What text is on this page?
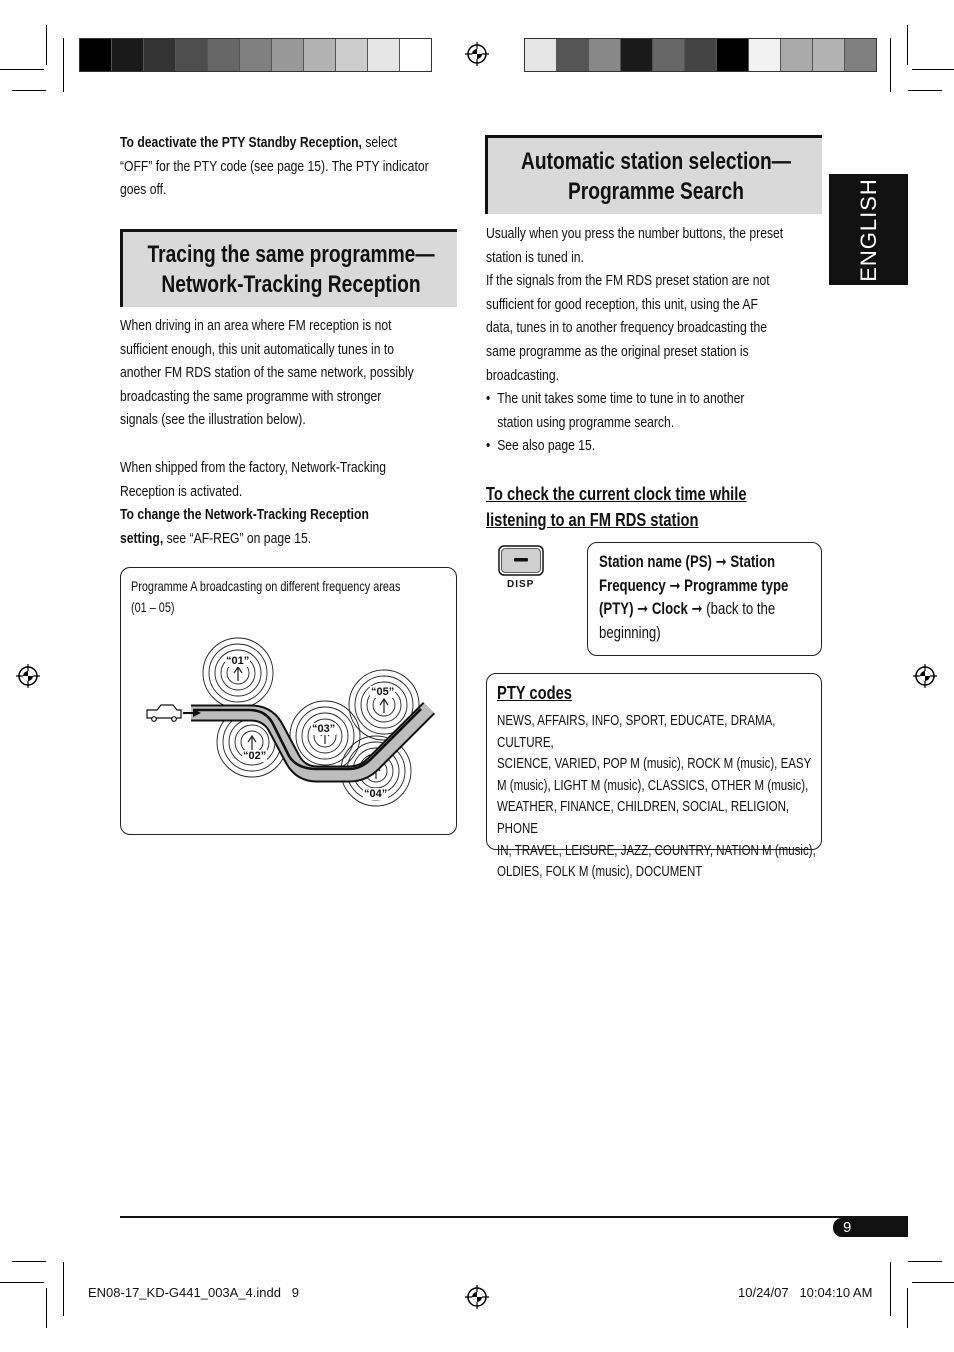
ENGLISH
To deactivate the PTY Standby Reception, select
“OFF” for the PTY code (see page 15). The PTY indicator
goes off.
Tracing the same programme—
Network-Tracking Reception
When driving in an area where FM reception is not
sufficient enough, this unit automatically tunes in to
another FM RDS station of the same network, possibly
broadcasting the same programme with stronger
signals (see the illustration below).
When shipped from the factory, Network-Tracking
Reception is activated.
To change the Network-Tracking Reception
setting, see “AF-REG” on page 15.
Programme A broadcasting on different frequency areas
(01 – 05)
“01”
“02”
“03”
“04”
“05”
Automatic station selection—
Programme Search
Usually when you press the number buttons, the preset
station is tuned in.
If the signals from the FM RDS preset station are not
sufficient for good reception, this unit, using the AF
data, tunes in to another frequency broadcasting the
same programme as the original preset station is
broadcasting.
• The unit takes some time to tune in to another
station using programme search.
• See also page 15.
To check the current clock time while
listening to an FM RDS station
DISP
Station name (PS) ➞ Station
Frequency ➞ Programme type
(PTY) ➞ Clock ➞ (back to the
beginning)
PTY codes
NEWS, AFFAIRS, INFO, SPORT, EDUCATE, DRAMA, CULTURE,
SCIENCE, VARIED, POP M (music), ROCK M (music), EASY
M (music), LIGHT M (music), CLASSICS, OTHER M (music),
WEATHER, FINANCE, CHILDREN, SOCIAL, RELIGION, PHONE
IN, TRAVEL, LEISURE, JAZZ, COUNTRY, NATION M (music),
OLDIES, FOLK M (music), DOCUMENT
9
EN08-17_KD-G441_003A_4.indd   9	10/24/07   10:04:10 AM
